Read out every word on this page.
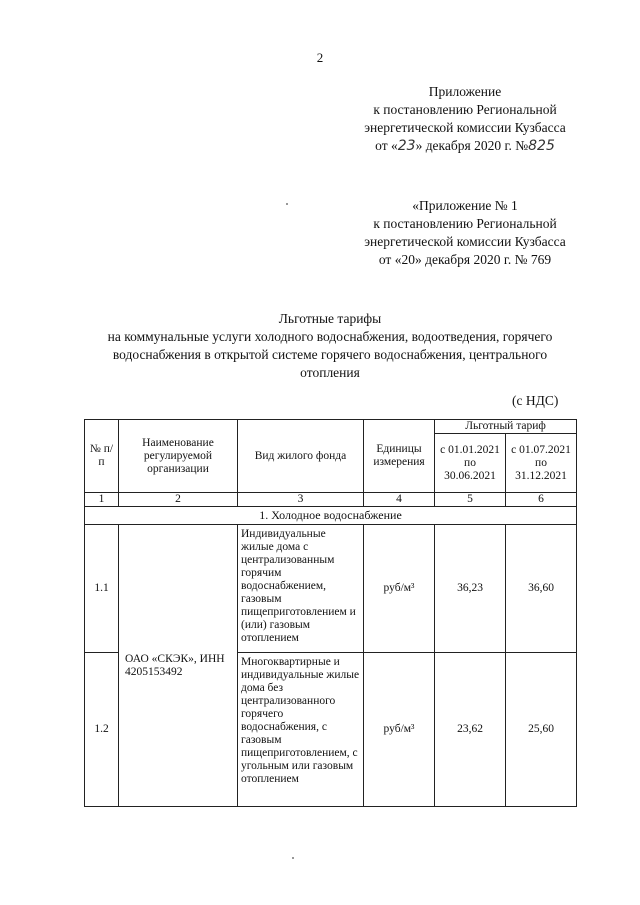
2
Приложение
к постановлению Региональной
энергетической комиссии Кузбасса
от «23» декабря 2020 г. №825
«Приложение № 1
к постановлению Региональной
энергетической комиссии Кузбасса
от «20» декабря 2020 г. № 769
Льготные тарифы
на коммунальные услуги холодного водоснабжения, водоотведения, горячего
водоснабжения в открытой системе горячего водоснабжения, центрального
отопления
(с НДС)
№ п/п	Наименование регулируемой организации	Вид жилого фонда	Единицы измерения	Льготный тариф	
				с 01.01.2021 по 30.06.2021	с 01.07.2021 по 31.12.2021
1	2	3	4	5	6
1. Холодное водоснабжение					
1.1	ОАО «СКЭК», ИНН 4205153492	Индивидуальные жилые дома с централизованным горячим водоснабжением, газовым пищеприготовлением и (или) газовым отоплением	руб/м³	36,23	36,60
1.2		Многоквартирные и индивидуальные жилые дома без централизованного горячего водоснабжения, с газовым пищеприготовлением, с угольным или газовым отоплением	руб/м³	23,62	25,60
